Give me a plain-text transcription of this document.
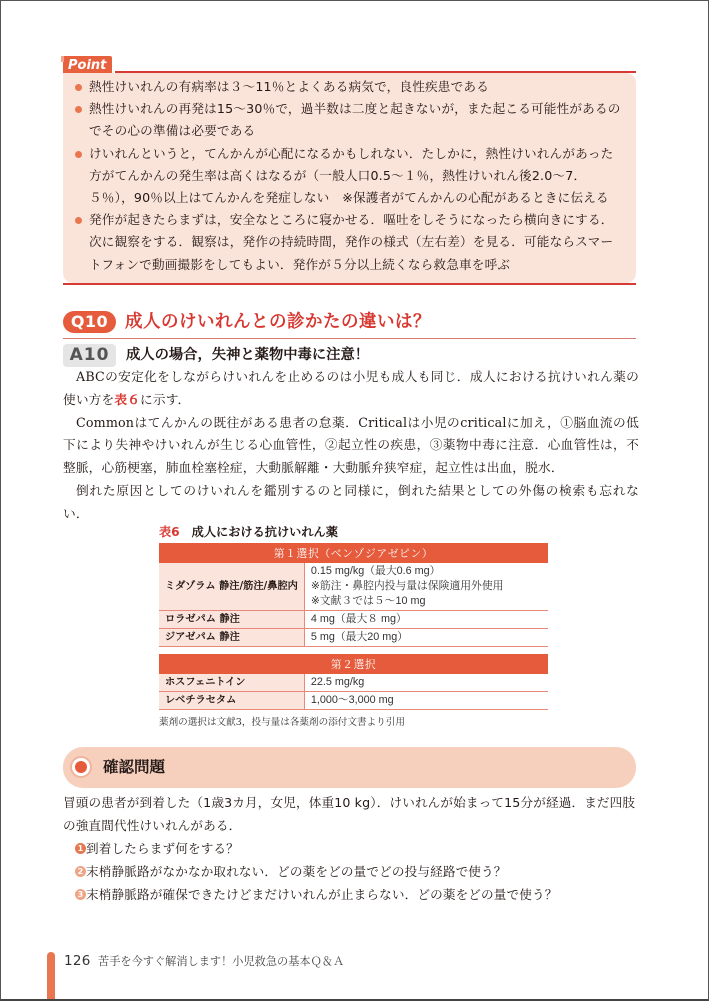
Point
熱性けいれんの有病率は３～11％とよくある病気で，良性疾患である
熱性けいれんの再発は15～30％で，過半数は二度と起きないが，また起こる可能性があるのでその心の準備は必要である
けいれんというと，てんかんが心配になるかもしれない．たしかに，熱性けいれんがあった方がてんかんの発生率は高くはなるが（一般人口0.5～１％，熱性けいれん後2.0～7．５％），90％以上はてんかんを発症しない　※保護者がてんかんの心配があるときに伝える
発作が起きたらまずは，安全なところに寝かせる．嘔吐をしそうになったら横向きにする．次に観察をする．観察は，発作の持続時間，発作の様式（左右差）を見る．可能ならスマートフォンで動画撮影をしてもよい．発作が５分以上続くなら救急車を呼ぶ
Q10 成人のけいれんとの診かたの違いは？
A10	成人の場合，失神と薬物中毒に注意！

ABCの安定化をしながらけいれんを止めるのは小児も成人も同じ．成人における抗けいれん薬の使い方を表６に示す．

Commonはてんかんの既往がある患者の怠薬．Criticalは小児のcriticalに加え，①脳血流の低下により失神やけいれんが生じる心血管性，②起立性の疾患，③薬物中毒に注意．心血管性は，不整脈，心筋梗塞，肺血栓塞栓症，大動脈解離・大動脈弁狭窄症，起立性は出血，脱水．

倒れた原因としてのけいれんを鑑別するのと同様に，倒れた結果としての外傷の検索も忘れない．

表6 成人における抗けいれん薬
第１選択（ベンゾジアゼピン）	
ミダゾラム 静注/筋注/鼻腔内	0.15 mg/kg（最大0.6 mg）
※筋注・鼻腔内投与量は保険適用外使用
※文献３では５～10 mg

ロラゼパム 静注	4 mg（最大８ mg）
ジアゼパム 静注	5 mg（最大20 mg）

第２選択	
ホスフェニトイン	22.5 mg/kg
レベチラセタム	1,000～3,000 mg
薬剤の選択は文献3，投与量は各薬剤の添付文書より引用
確認問題

冒頭の患者が到着した（1歳3カ月，女児，体重10 kg）．けいれんが始まって15分が経過．まだ四肢の強直間代性けいれんがある．

1 到着したらまず何をする？

2 末梢静脈路がなかなか取れない．どの薬をどの量でどの投与経路で使う？

3 末梢静脈路が確保できたけどまだけいれんが止まらない．どの薬をどの量で使う？

126 苦手を今すぐ解消します！小児救急の基本Ｑ＆Ａ
